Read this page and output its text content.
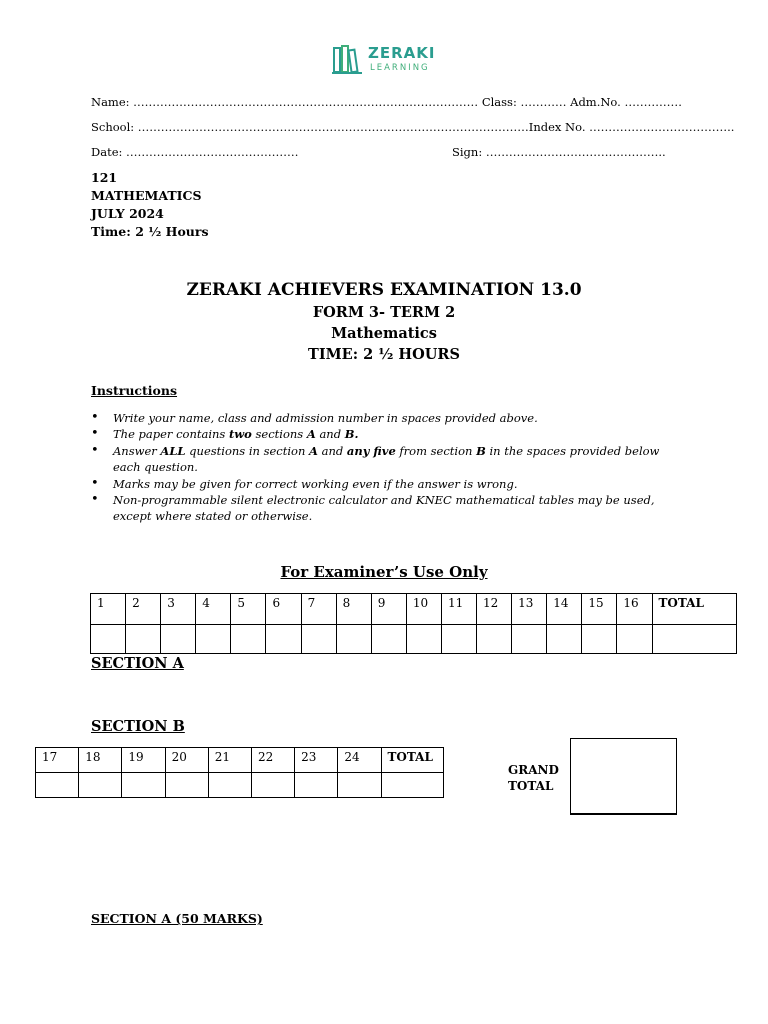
ZERAKI
LEARNING
Name: ……………………………………………………………………………… Class: ………… Adm.No. ……………
School: …………………………………………………………………………………………Index No. ………………………………..
Date: ………………………………………	Sign: ………………………………………..
121
MATHEMATICS
JULY 2024
Time: 2 ½ Hours
ZERAKI ACHIEVERS EXAMINATION 13.0
FORM 3- TERM 2
Mathematics
TIME: 2 ½ HOURS
Instructions
• Write your name, class and admission number in spaces provided above.
• The paper contains two sections A and B.
• Answer ALL questions in section A and any five from section B in the spaces provided below each question.
• Marks may be given for correct working even if the answer is wrong.
• Non-programmable silent electronic calculator and KNEC mathematical tables may be used, except where stated or otherwise.
For Examiner’s Use Only
1	2	3	4	5	6	7	8	9	10	11	12	13	14	15	16	TOTAL

SECTION A
SECTION B
17	18	19	20	21	22	23	24	TOTAL

GRAND
TOTAL
SECTION A (50 MARKS)
